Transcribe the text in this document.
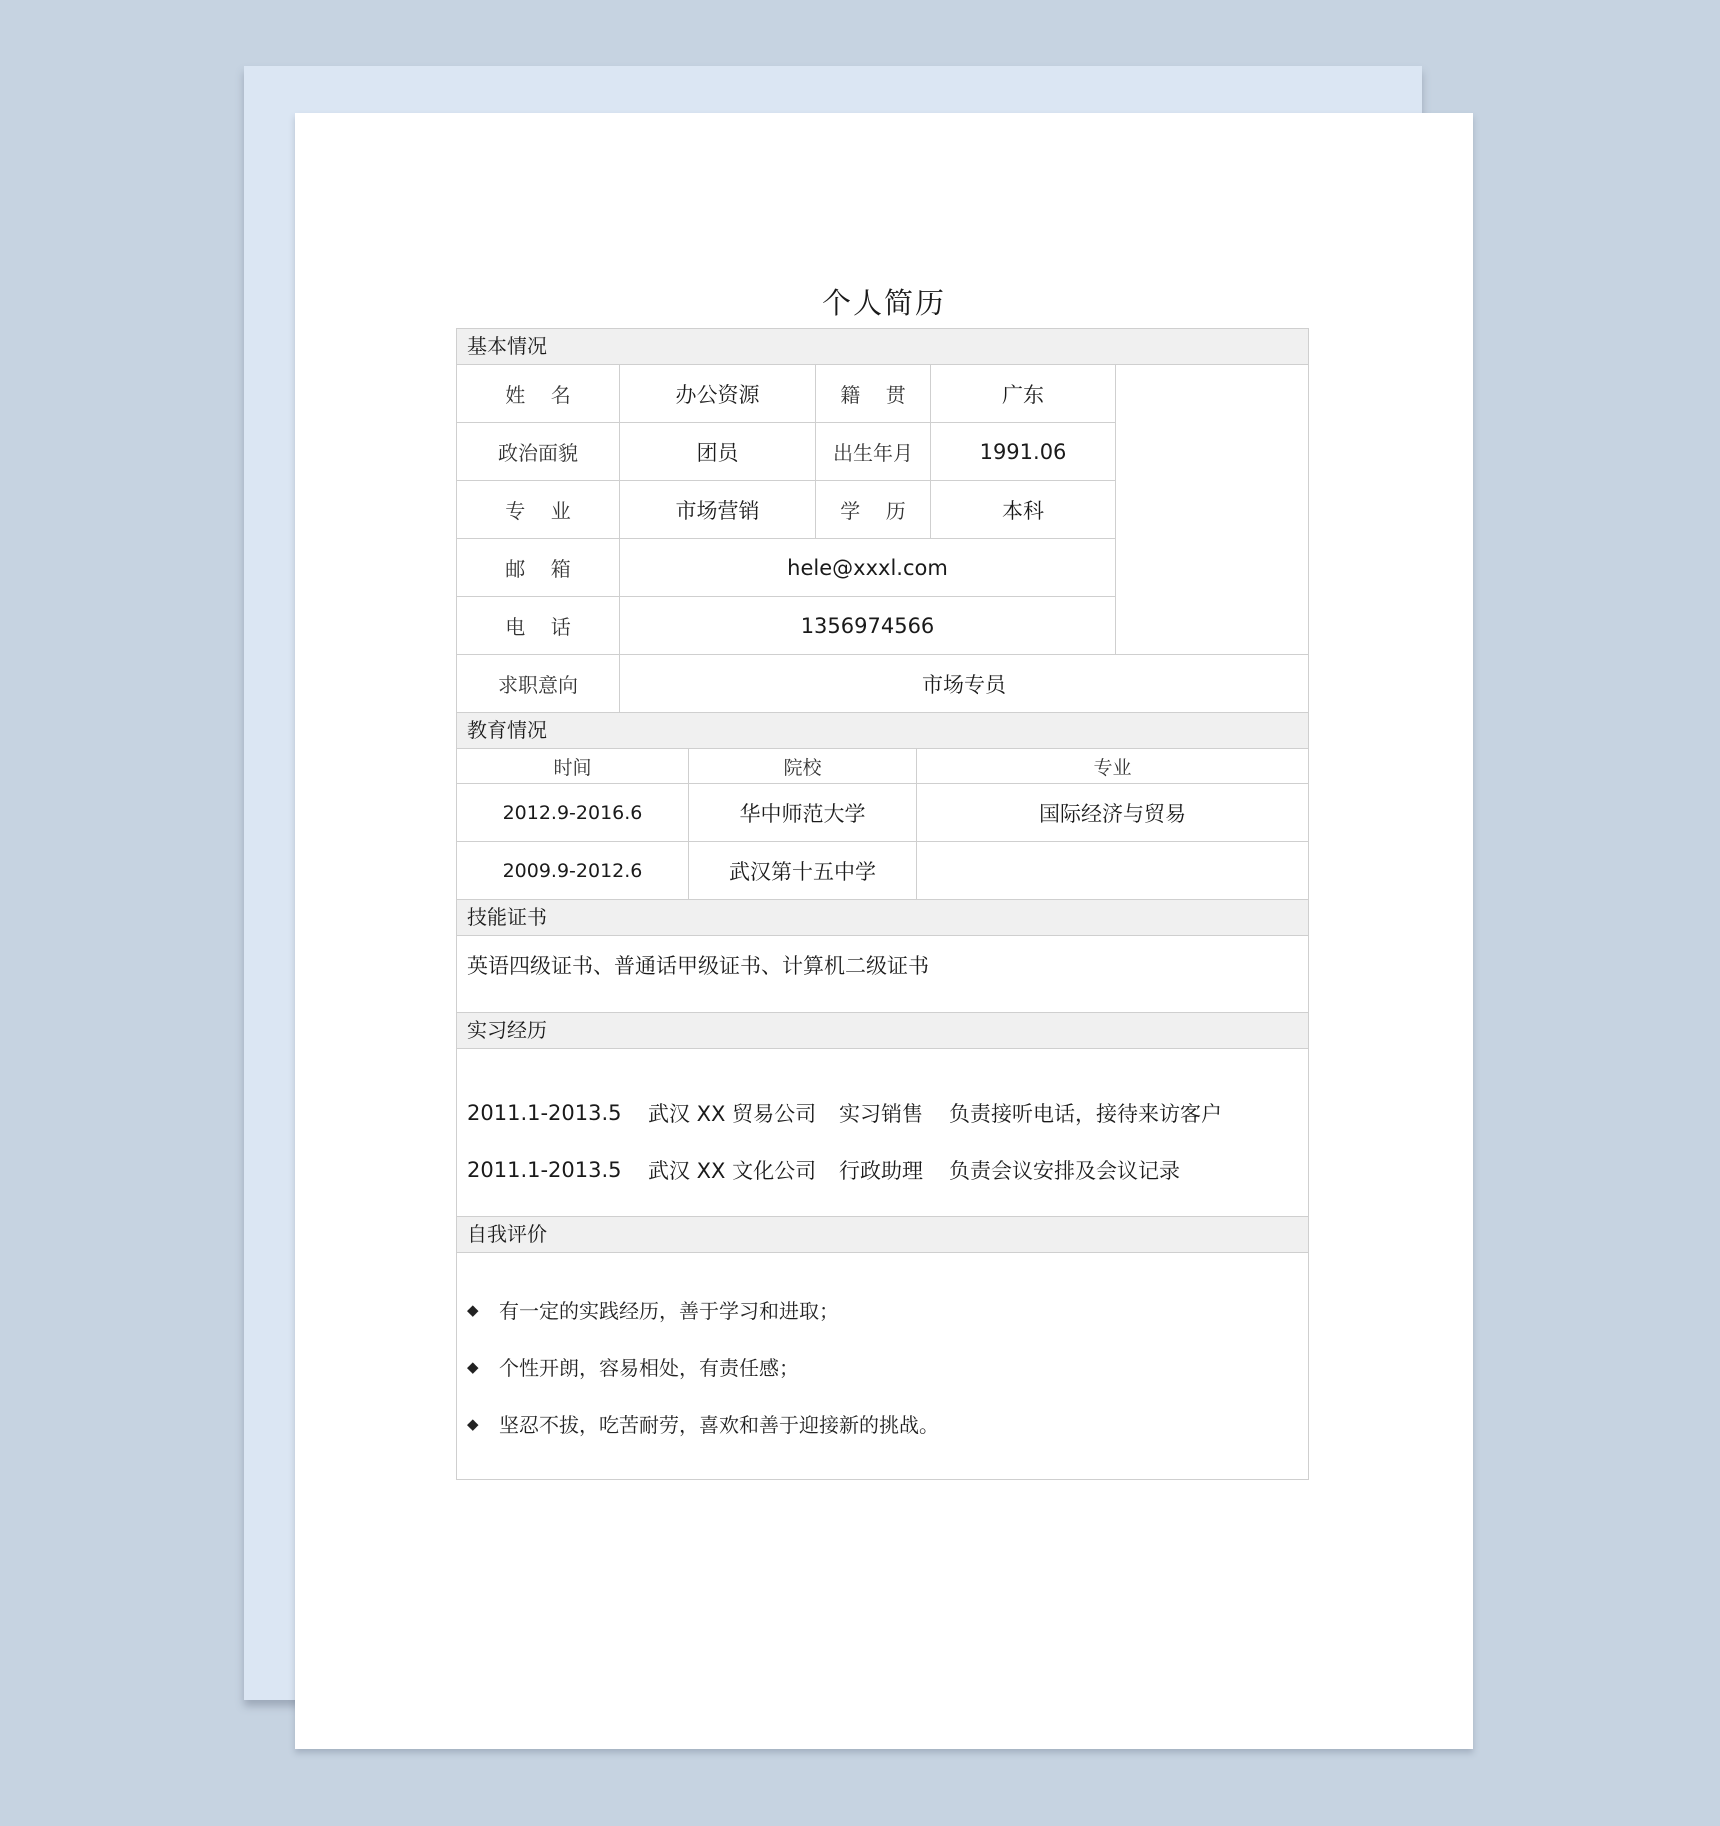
个人简历
基本情况
姓    名	办公资源	籍    贯	广东
政治面貌	团员	出生年月	1991.06
专    业	市场营销	学    历	本科
邮    箱	hele@xxxl.com
电    话	1356974566
求职意向	市场专员
教育情况
时间	院校	专业
2012.9-2016.6	华中师范大学	国际经济与贸易
2009.9-2012.6	武汉第十五中学
技能证书
英语四级证书、普通话甲级证书、计算机二级证书
实习经历
2011.1-2013.5	武汉 XX 贸易公司	实习销售	负责接听电话，接待来访客户
2011.1-2013.5	武汉 XX 文化公司	行政助理	负责会议安排及会议记录
自我评价
◆	有一定的实践经历，善于学习和进取；
◆	个性开朗，容易相处，有责任感；
◆	坚忍不拔，吃苦耐劳，喜欢和善于迎接新的挑战。
